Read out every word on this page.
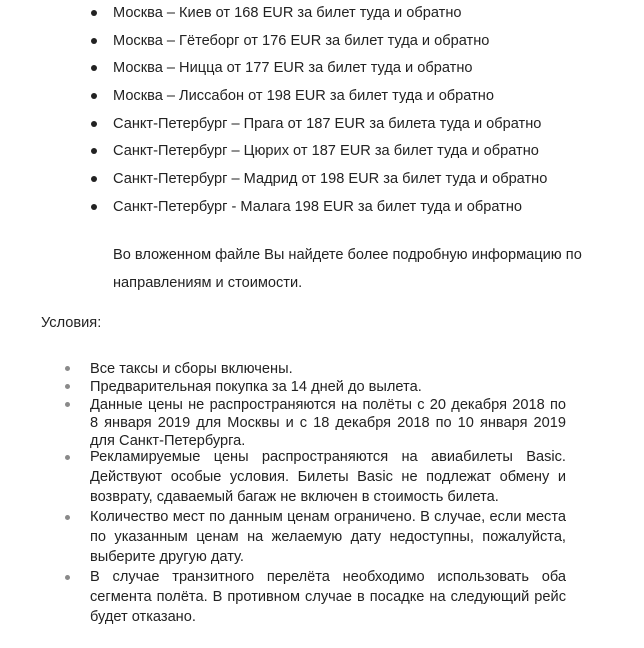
Москва – Киев от 168 EUR за билет туда и обратно
Москва – Гётеборг от 176 EUR за билет туда и обратно
Москва – Ницца от 177 EUR за билет туда и обратно
Москва – Лиссабон от 198 EUR за билет туда и обратно
Санкт-Петербург – Прага от 187 EUR за билета туда и обратно
Санкт-Петербург – Цюрих от 187 EUR за билет туда и обратно
Санкт-Петербург – Мадрид от 198 EUR за билет туда и обратно
Санкт-Петербург - Малага 198 EUR за билет туда и обратно
Во вложенном файле Вы найдете более подробную информацию по направлениям и стоимости.
Условия:
Все таксы и сборы включены.
Предварительная покупка за 14 дней до вылета.
Данные цены не распространяются на полёты с 20 декабря 2018 по 8 января 2019 для Москвы и с 18 декабря 2018 по 10 января 2019 для Санкт-Петербурга.
Рекламируемые цены распространяются на авиабилеты Basic. Действуют особые условия. Билеты Basic не подлежат обмену и возврату, сдаваемый багаж не включен в стоимость билета.
Количество мест по данным ценам ограничено. В случае, если места по указанным ценам на желаемую дату недоступны, пожалуйста, выберите другую дату.
В случае транзитного перелёта необходимо использовать оба сегмента полёта. В противном случае в посадке на следующий рейс будет отказано.
